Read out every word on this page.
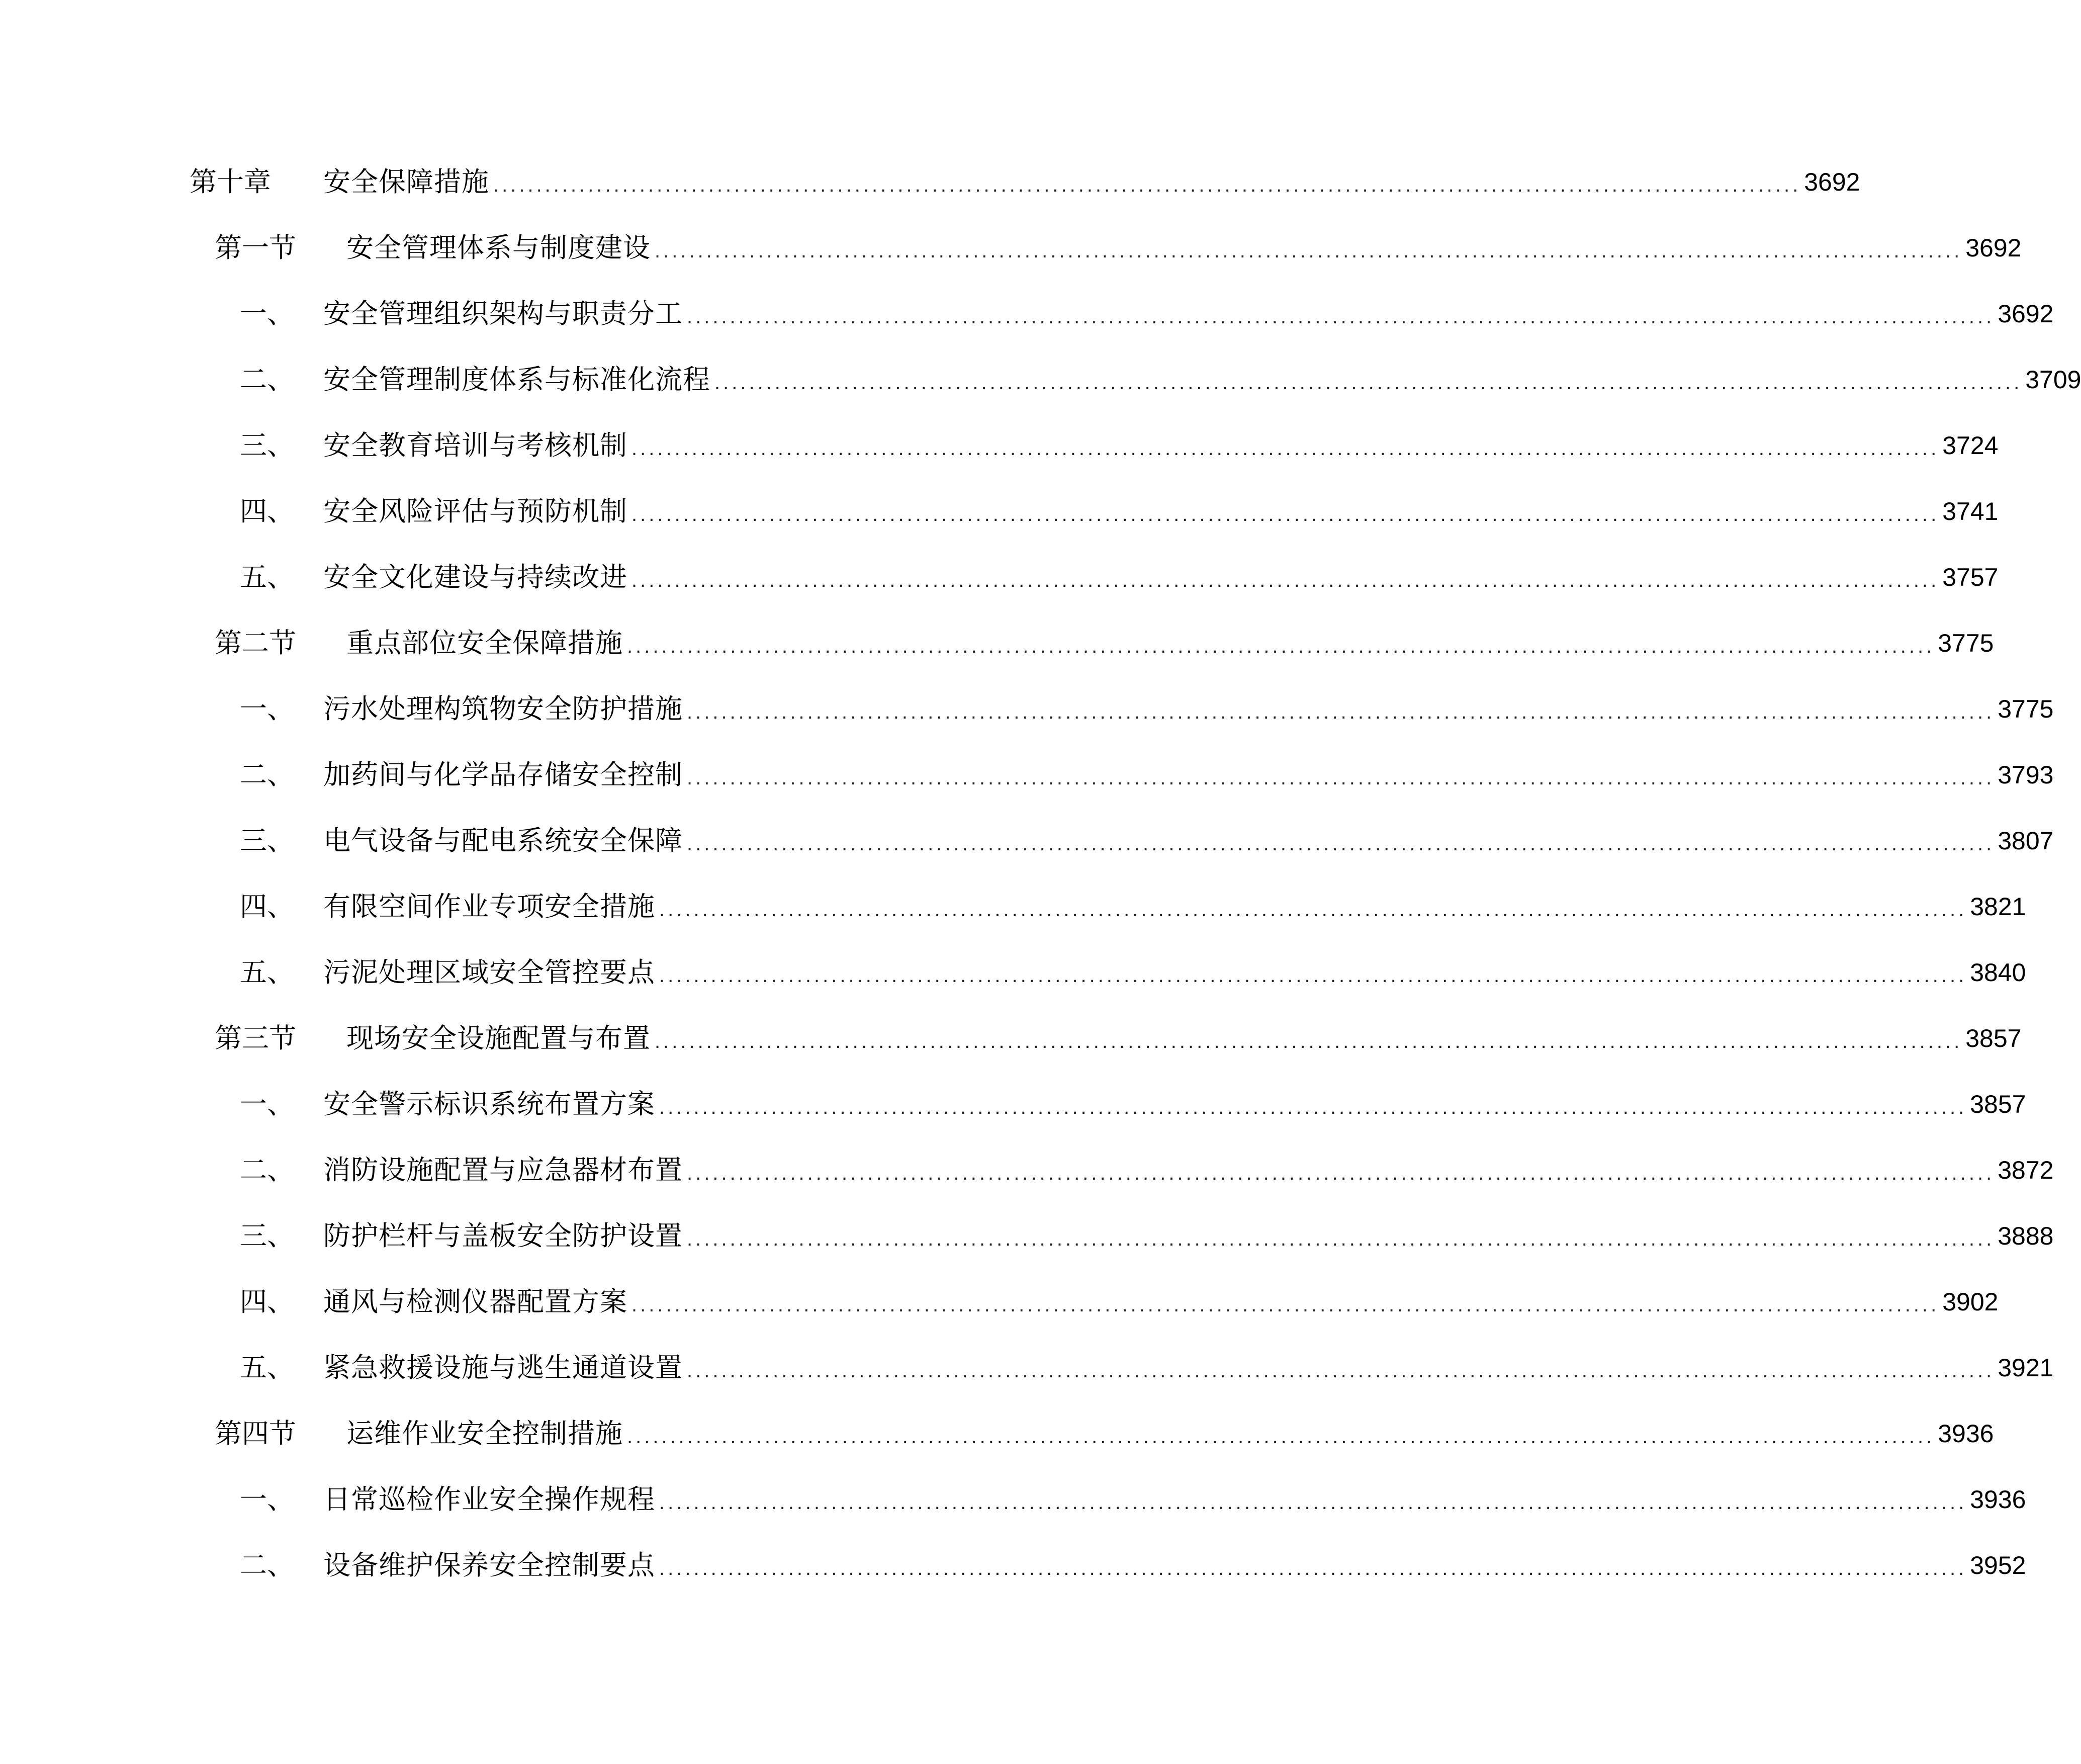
第十章	安全保障措施 ........................................................................................................................................................ 3692
第一节	安全管理体系与制度建设 ........................................................................................................................................................ 3692
一、	安全管理组织架构与职责分工 ........................................................................................................................................................ 3692
二、	安全管理制度体系与标准化流程 ........................................................................................................................................................ 3709
三、	安全教育培训与考核机制 ........................................................................................................................................................ 3724
四、	安全风险评估与预防机制 ........................................................................................................................................................ 3741
五、	安全文化建设与持续改进 ........................................................................................................................................................ 3757
第二节	重点部位安全保障措施 ........................................................................................................................................................ 3775
一、	污水处理构筑物安全防护措施 ........................................................................................................................................................ 3775
二、	加药间与化学品存储安全控制 ........................................................................................................................................................ 3793
三、	电气设备与配电系统安全保障 ........................................................................................................................................................ 3807
四、	有限空间作业专项安全措施 ........................................................................................................................................................ 3821
五、	污泥处理区域安全管控要点 ........................................................................................................................................................ 3840
第三节	现场安全设施配置与布置 ........................................................................................................................................................ 3857
一、	安全警示标识系统布置方案 ........................................................................................................................................................ 3857
二、	消防设施配置与应急器材布置 ........................................................................................................................................................ 3872
三、	防护栏杆与盖板安全防护设置 ........................................................................................................................................................ 3888
四、	通风与检测仪器配置方案 ........................................................................................................................................................ 3902
五、	紧急救援设施与逃生通道设置 ........................................................................................................................................................ 3921
第四节	运维作业安全控制措施 ........................................................................................................................................................ 3936
一、	日常巡检作业安全操作规程 ........................................................................................................................................................ 3936
二、	设备维护保养安全控制要点 ........................................................................................................................................................ 3952
